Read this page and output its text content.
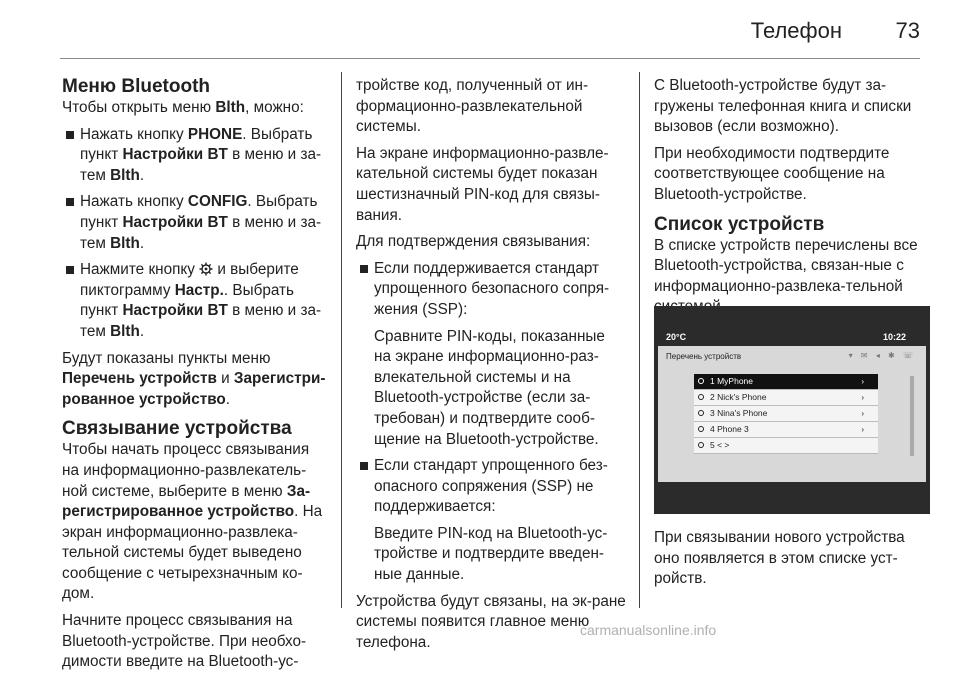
Телефон 73
Меню Bluetooth

Чтобы открыть меню Blth, можно:

Нажать кнопку PHONE. Выбрать пункт Настройки BT в меню и за-тем Blth.
Нажать кнопку CONFIG. Выбрать пункт Настройки BT в меню и за-тем Blth.
Нажмите кнопку  и выберите пиктограмму Настр.. Выбрать пункт Настройки BT в меню и за-тем Blth.

Будут показаны пункты меню Перечень устройств и Зарегистри-рованное устройство.

Связывание устройства

Чтобы начать процесс связывания на информационно-развлекатель-ной системе, выберите в меню За-регистрированное устройство. На экран информационно-развлека-тельной системы будет выведено сообщение с четырехзначным ко-дом.

Начните процесс связывания на Bluetooth-устройстве. При необхо-димости введите на Bluetooth-ус-

тройстве код, полученный от ин-формационно-развлекательной системы.

На экране информационно-развле-кательной системы будет показан шестизначный PIN-код для связы-вания.

Для подтверждения связывания:

Если поддерживается стандарт упрощенного безопасного сопря-жения (SSP):

Сравните PIN-коды, показанные на экране информационно-раз-влекательной системы и на Bluetooth-устройстве (если за-требован) и подтвердите сооб-щение на Bluetooth-устройстве.

Если стандарт упрощенного без-опасного сопряжения (SSP) не поддерживается:

Введите PIN-код на Bluetooth-ус-тройстве и подтвердите введен-ные данные.

Устройства будут связаны, на эк-ране системы появится главное меню телефона.

С Bluetooth-устройстве будут за-гружены телефонная книга и списки вызовов (если возможно).

При необходимости подтвердите соответствующее сообщение на Bluetooth-устройстве.

Список устройств

В списке устройств перечислены все Bluetooth-устройства, связан-ные с информационно-развлека-тельной

20°C	10:22
Перечень устройств	▾ ✉ ◂ ✱ ☏
1 MyPhone	›
2 Nick's Phone	›
3 Nina's Phone	›
4 Phone 3	›
5 < >

При связывании нового устройства оно появляется в этом списке уст-ройств.

carmanualsonline.info
